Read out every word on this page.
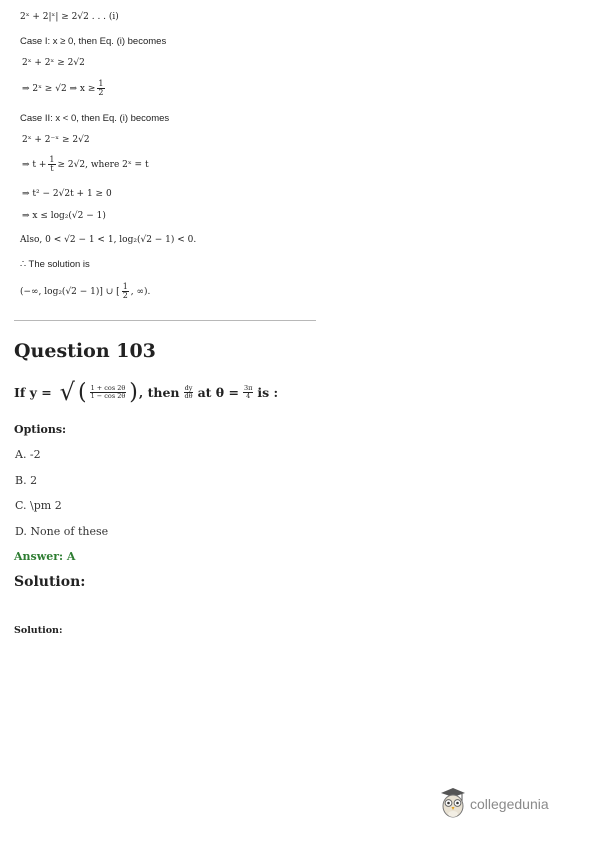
2ˣ + 2|ˣ| ≥ 2√2 . . . (i)
Case I: x ≥ 0, then Eq. (i) becomes
2ˣ + 2ˣ ≥ 2√2
⇒ 2ˣ ≥ √2 ⇒ $x \ge \frac{1}{2}$
Case II: x < 0, then Eq. (i) becomes
2ˣ + 2⁻ˣ ≥ 2√2
⇒ $t + \frac{1}{t} \ge 2√2$, where 2ˣ = t
⇒ t² − 2√2t + 1 ≥ 0
⇒ x ≤ log₂(√2 − 1)
Also, 0 < √2 − 1 < 1, log₂(√2 − 1) < 0.
∴ The solution is
(−∞, log₂(√2 − 1)] ∪ [ $\frac{1}{2}$ , ∞).
Question 103
If y = √ ( $\frac{1 + \cos 2\theta}{1 - \cos 2\theta}$ ) , then $\frac{dy}{d\theta}$ at $\theta = \frac{3\pi}{4}$ is :
Options:
A. -2
B. 2
C. \pm 2
D. None of these
Answer: A
Solution:
Solution:
collegedunia
